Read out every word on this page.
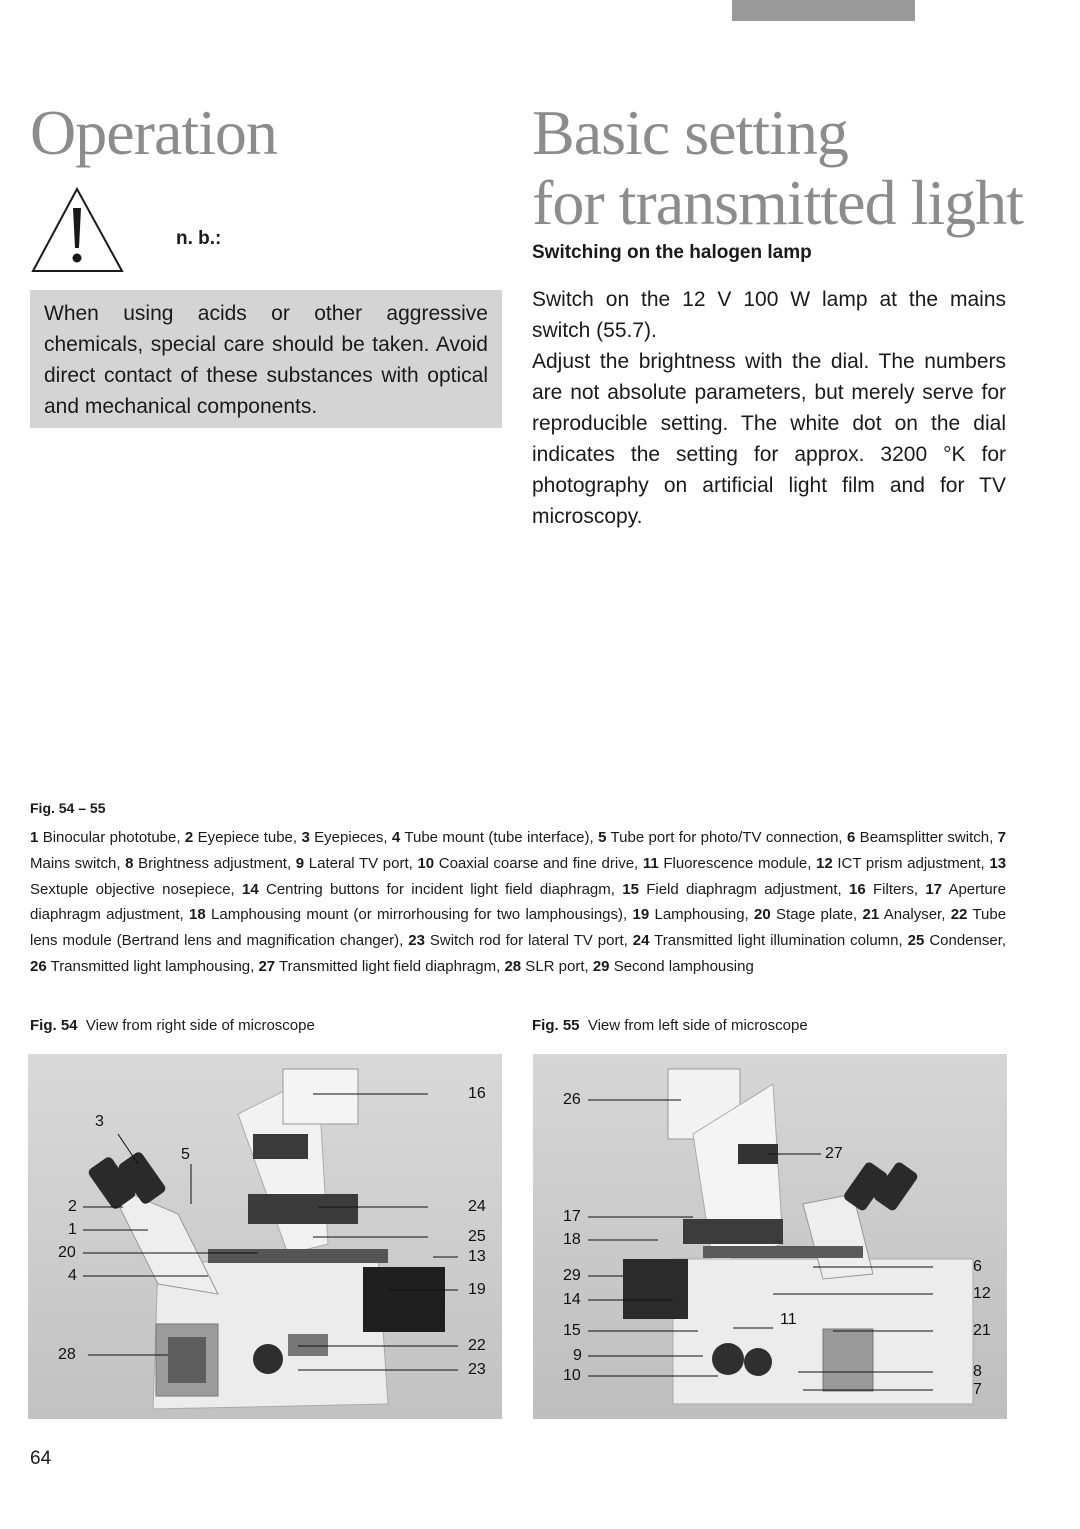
Operation	Basic setting
for transmitted light
n. b.:
When using acids or other aggressive chemicals, special care should be taken. Avoid direct contact of these substances with optical and mechanical components.
Switching on the halogen lamp

Switch on the 12 V 100 W lamp at the mains switch (55.7).

Adjust the brightness with the dial. The numbers are not absolute parameters, but merely serve for reproducible setting. The white dot on the dial indicates the setting for approx. 3200 °K for photography on artificial light film and for TV microscopy.

Fig. 54 – 55
1 Binocular phototube, 2 Eyepiece tube, 3 Eyepieces, 4 Tube mount (tube interface), 5 Tube port for photo/TV connection, 6 Beamsplitter switch, 7 Mains switch, 8 Brightness adjustment, 9 Lateral TV port, 10 Coaxial coarse and fine drive, 11 Fluorescence module, 12 ICT prism adjustment, 13 Sextuple objective nosepiece, 14 Centring buttons for incident light field diaphragm, 15 Field diaphragm adjustment, 16 Filters, 17 Aperture diaphragm adjustment, 18 Lamphousing mount (or mirrorhousing for two lamphousings), 19 Lamphousing, 20 Stage plate, 21 Analyser, 22 Tube lens module (Bertrand lens and magnification changer), 23 Switch rod for lateral TV port, 24 Transmitted light illumination column, 25 Condenser, 26 Transmitted light lamphousing, 27 Transmitted light field diaphragm, 28 SLR port, 29 Second lamphousing
Fig. 54 View from right side of microscope	Fig. 55 View from left side of microscope
16
3
5
2	24
1	25
20	13
4
19
22
28
23
26
27
17
18
6
29
12
14
11
15	21
9
8
10
7
64
